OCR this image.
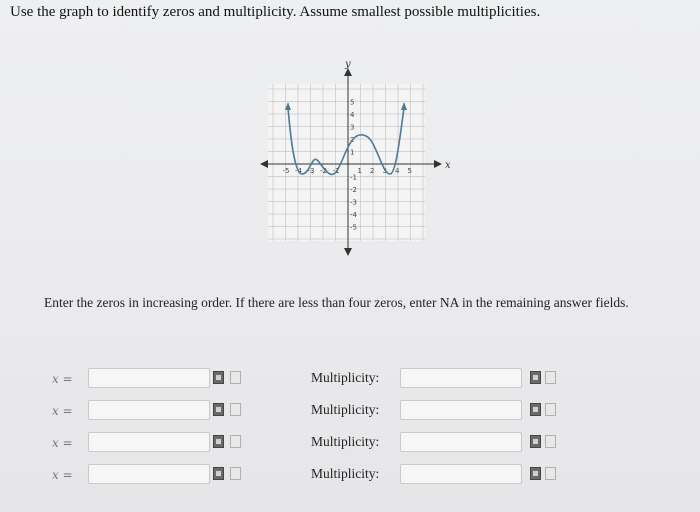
Use the graph to identify zeros and multiplicity. Assume smallest possible multiplicities.
x
y
-5 -4 -3 -2 -1	1 2 3 4 5
5
4
3
2
1
-1
-2
-3
-4
-5
Enter the zeros in increasing order. If there are less than four zeros, enter NA in the remaining answer fields.
x =	Multiplicity:
x =	Multiplicity:
x =	Multiplicity:
x =	Multiplicity:
